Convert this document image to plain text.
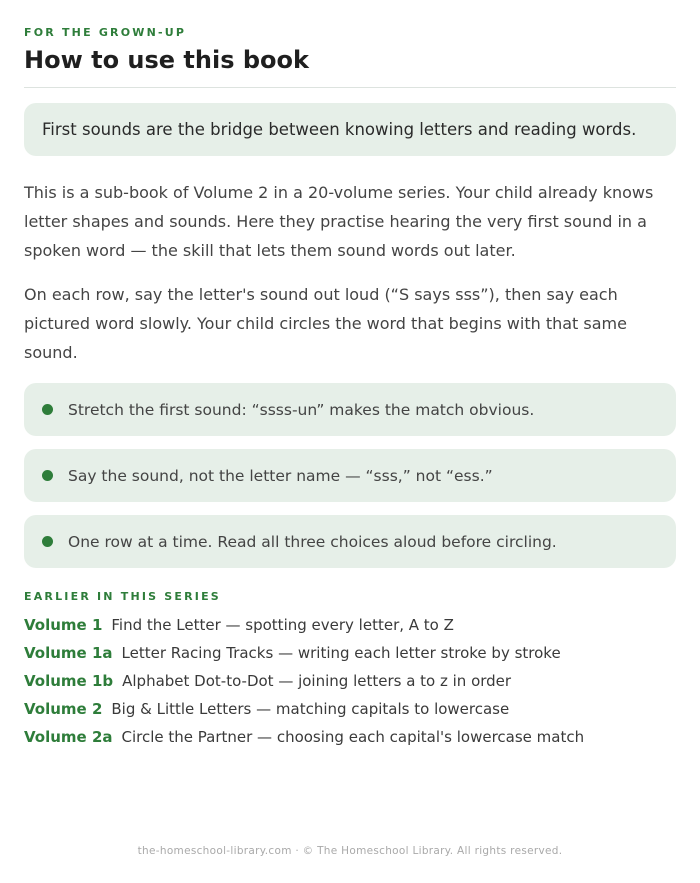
FOR THE GROWN-UP
How to use this book
First sounds are the bridge between knowing letters and reading words.
This is a sub-book of Volume 2 in a 20-volume series. Your child already knows letter shapes and sounds. Here they practise hearing the very first sound in a spoken word — the skill that lets them sound words out later.
On each row, say the letter's sound out loud (“S says sss”), then say each pictured word slowly. Your child circles the word that begins with that same sound.
Stretch the first sound: “ssss-un” makes the match obvious.
Say the sound, not the letter name — “sss,” not “ess.”
One row at a time. Read all three choices aloud before circling.
EARLIER IN THIS SERIES
Volume 1 Find the Letter — spotting every letter, A to Z
Volume 1a Letter Racing Tracks — writing each letter stroke by stroke
Volume 1b Alphabet Dot-to-Dot — joining letters a to z in order
Volume 2 Big & Little Letters — matching capitals to lowercase
Volume 2a Circle the Partner — choosing each capital's lowercase match
the-homeschool-library.com · © The Homeschool Library. All rights reserved.
